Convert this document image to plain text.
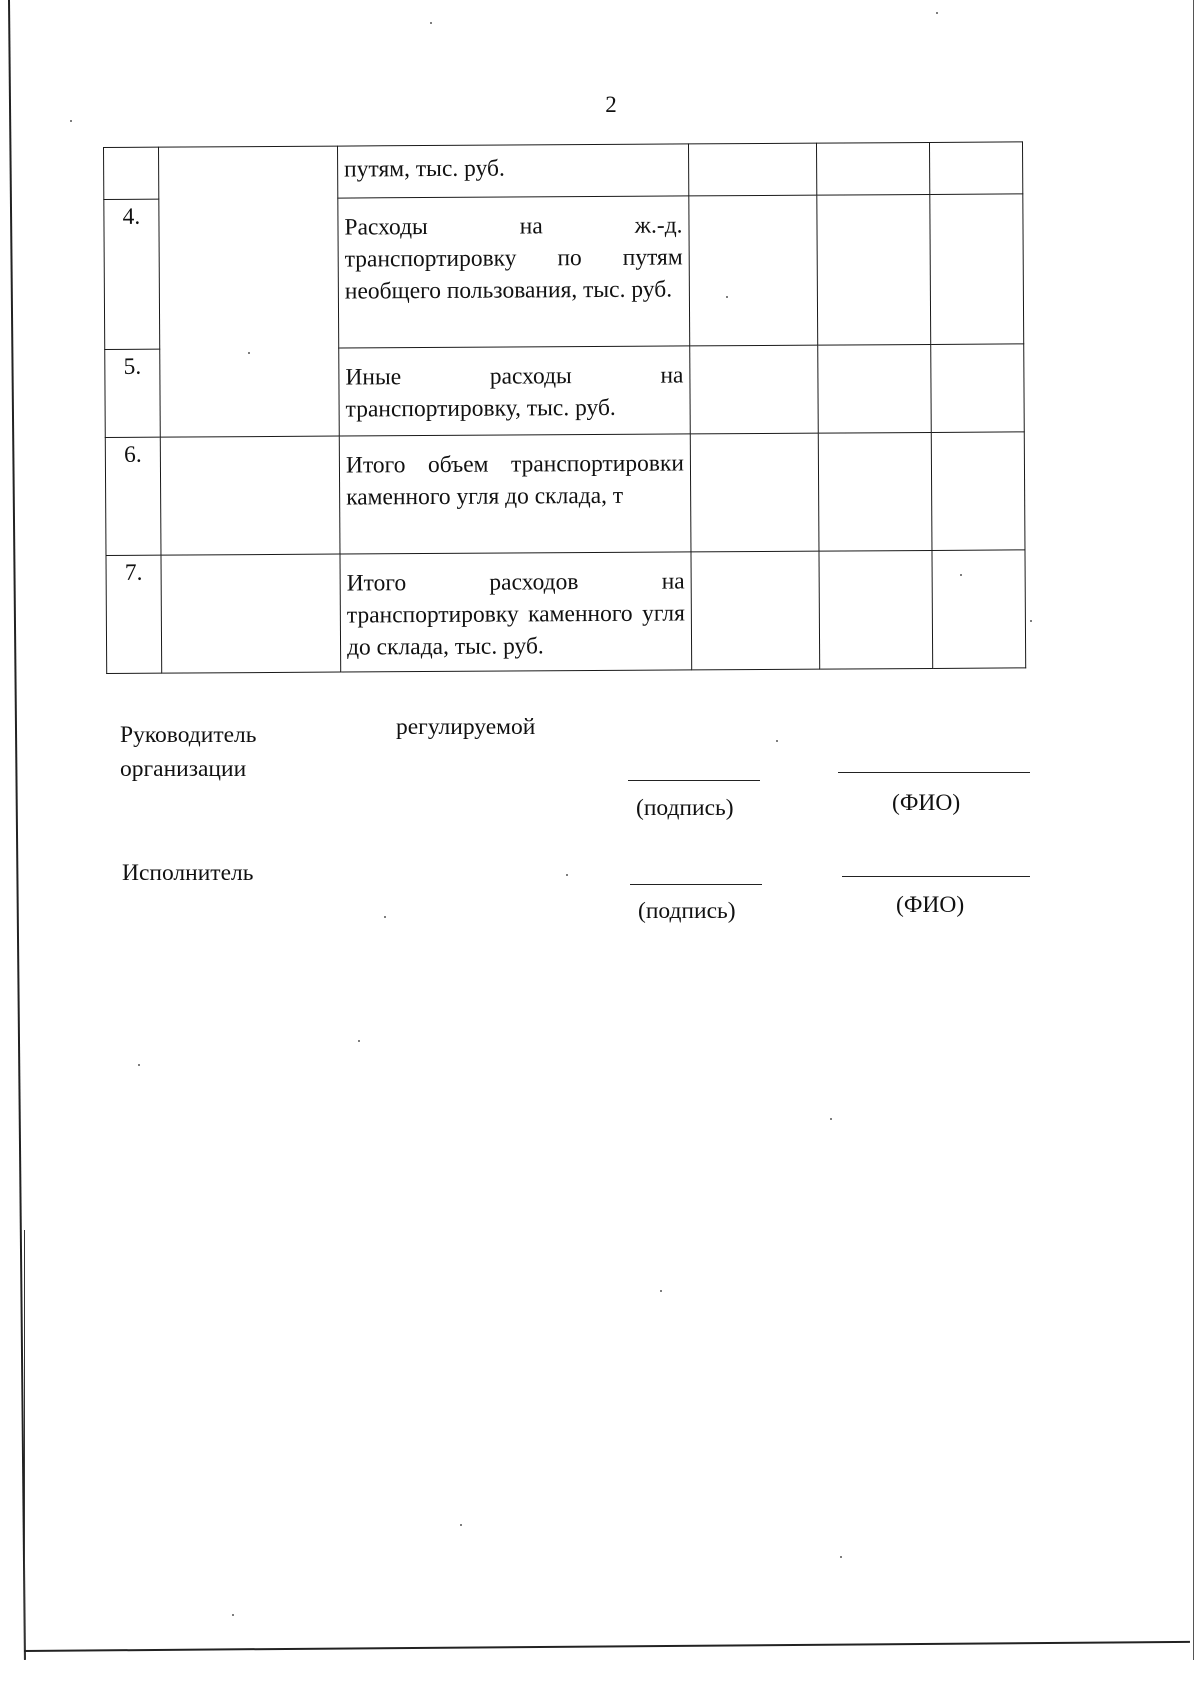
2

		путям, тыс. руб.			

4.		Расходы на ж.-д. транспортировку по путям необщего пользования, тыс. руб.			

5.		Иные расходы на транспортировку, тыс. руб.			

6.		Итого объем транспортировки каменного угля до склада, т			

7.		Итого расходов на транспортировку каменного угля до склада, тыс. руб.			

Руководитель	регулируемой
организации
(подпись)	(ФИО)
Исполнитель
(подпись)	(ФИО)
